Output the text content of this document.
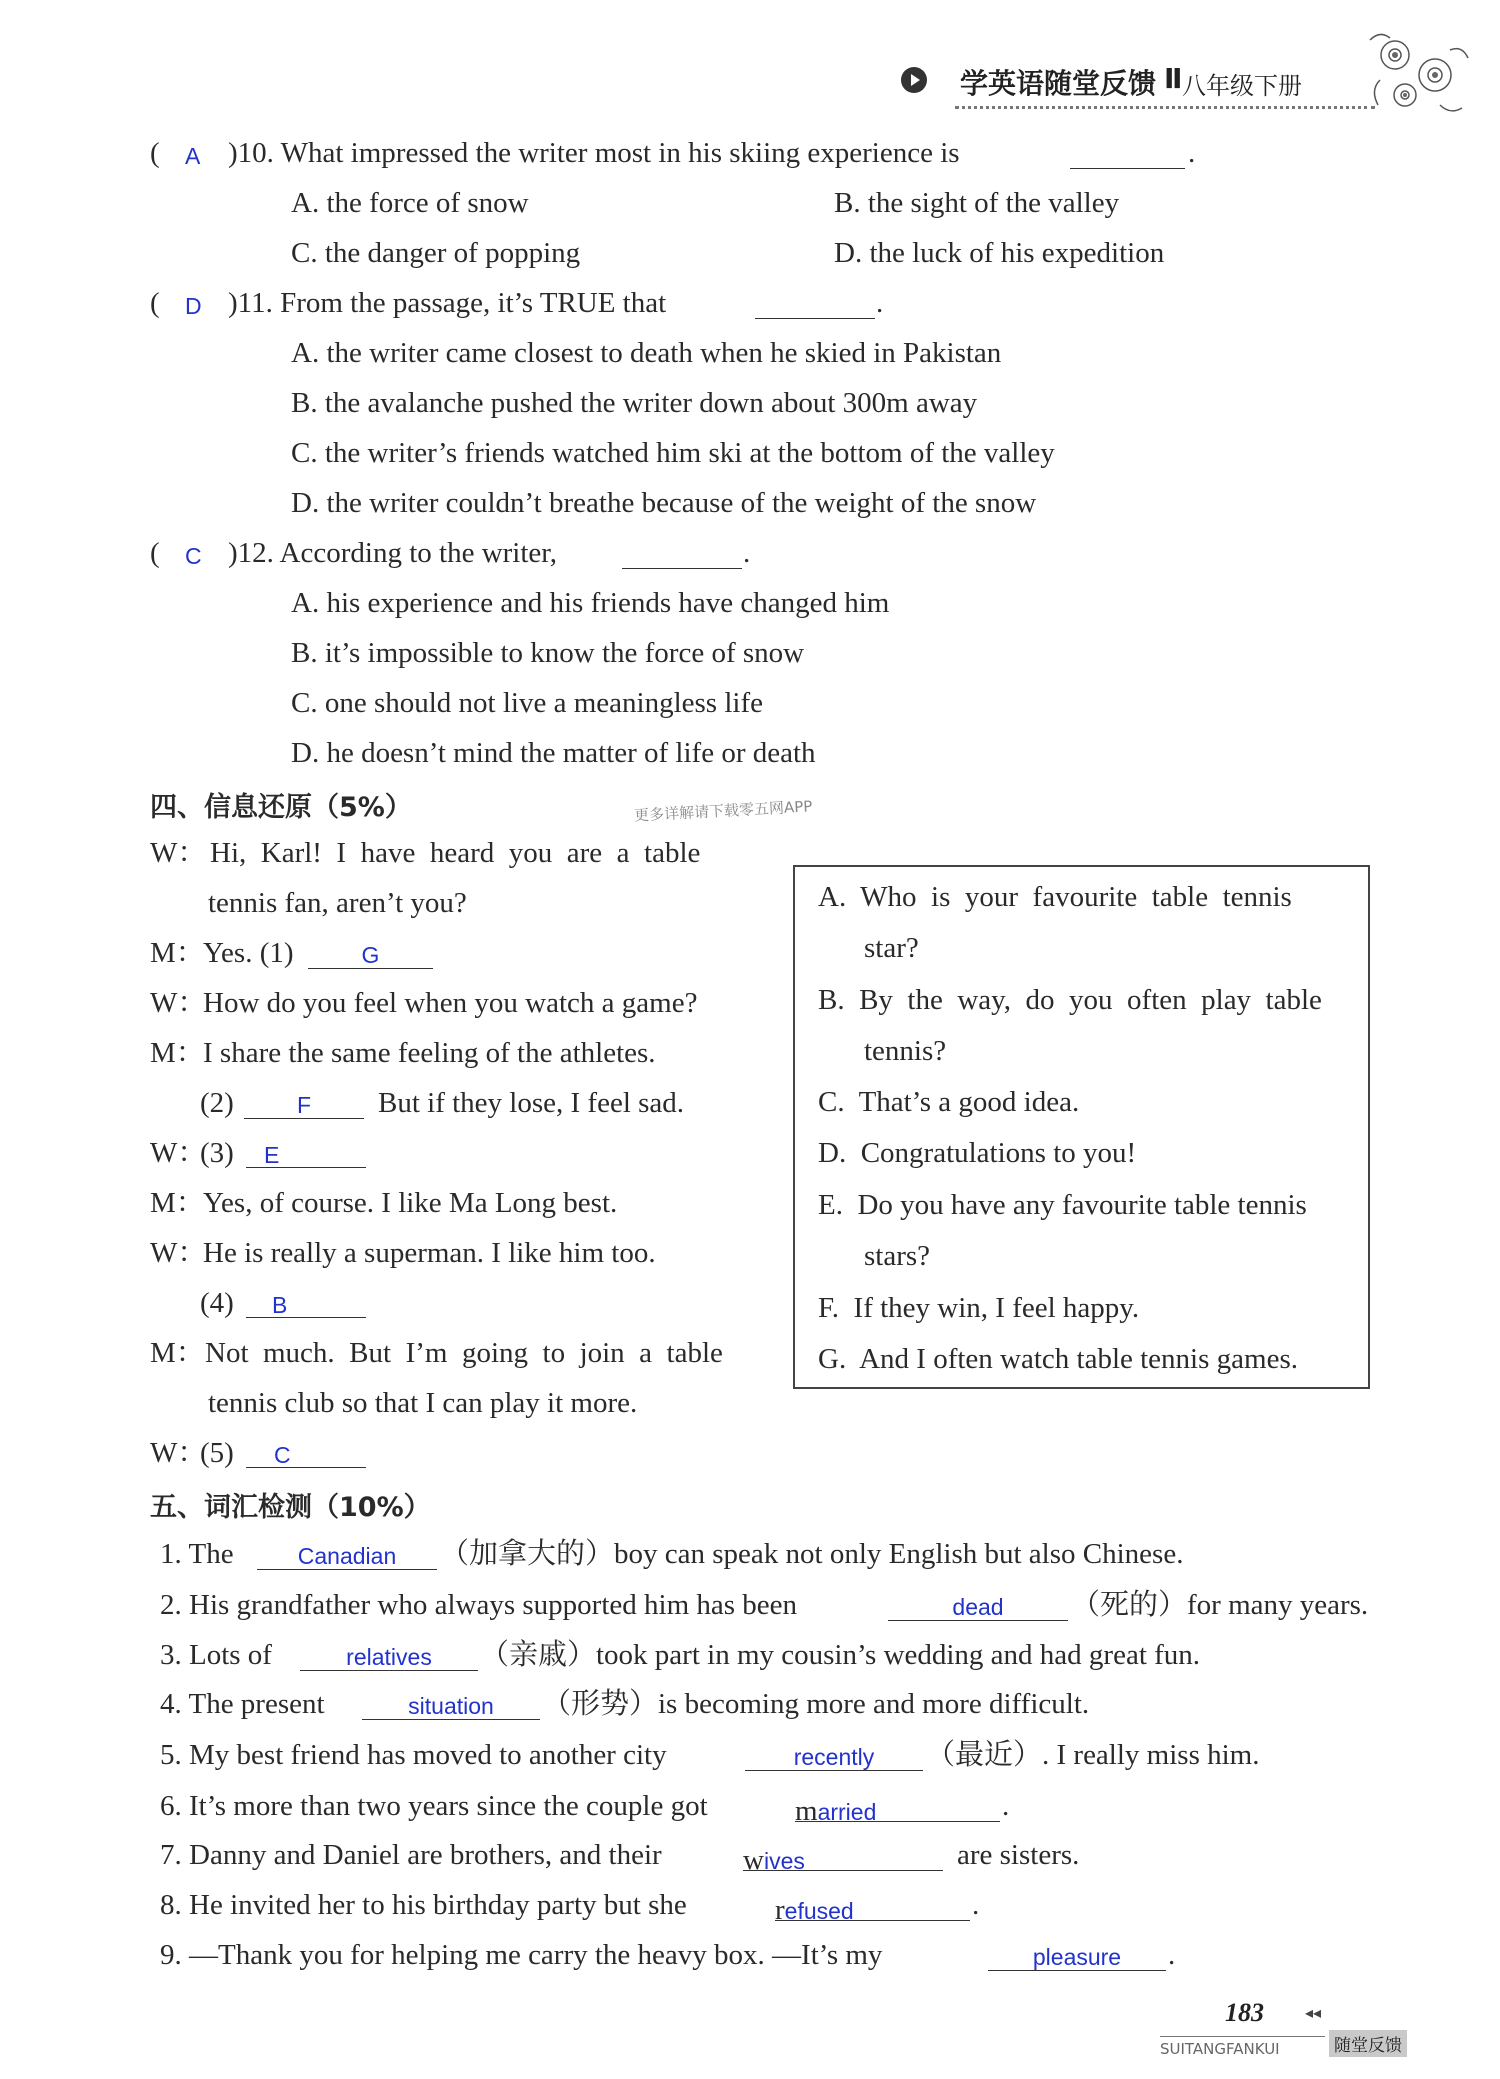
学英语随堂反馈 Ⅱ 八年级下册
( A )10. What impressed the writer most in his skiing experience is	.
A. the force of snow	B. the sight of the valley
C. the danger of popping	D. the luck of his expedition
( D )11. From the passage, it’s TRUE that	.
A. the writer came closest to death when he skied in Pakistan
B. the avalanche pushed the writer down about 300m away
C. the writer’s friends watched him ski at the bottom of the valley
D. the writer couldn’t breathe because of the weight of the snow
( C )12. According to the writer,	.
A. his experience and his friends have changed him
B. it’s impossible to know the force of snow
C. one should not live a meaningless life
D. he doesn’t mind the matter of life or death
四、信息还原（5%）	更多详解请下载零五网APP
W： Hi,  Karl!  I  have  heard  you  are  a  table
tennis fan, aren’t you?
M：
Yes. (1)	G
W：
How do you feel when you watch a game?
M：
I share the same feeling of the athletes.
(2)	F	But if they lose, I feel sad.
W：
(3)	E
M：
Yes, of course. I like Ma Long best.
W：
He is really a superman. I like him too.
(4)	B
M： Not  much.  But  I’m  going  to  join  a  table
tennis club so that I can play it more.
W：
(5)	C
A.  Who  is  your  favourite  table  tennis
star?
B.  By  the  way,  do  you  often  play  table
tennis?
C.  That’s a good idea.
D.  Congratulations to you!
E.  Do you have any favourite table tennis
stars?
F.  If they win, I feel happy.
G.  And I often watch table tennis games.
五、词汇检测（10%）
1. The	Canadian	（加拿大的）boy can speak not only English but also Chinese.
2. His grandfather who always supported him has been	dead	（死的）for many years.
3. Lots of	relatives	（亲戚）took part in my cousin’s wedding and had great fun.
4. The present	situation	（形势）is becoming more and more difficult.
5. My best friend has moved to another city	recently	（最近）. I really miss him.
6. It’s more than two years since the couple got	married	.
7. Danny and Daniel are brothers, and their	wives	are sisters.
8. He invited her to his birthday party but she	refused	.
9. —Thank you for helping me carry the heavy box. —It’s my	pleasure	.
183	◂◂
SUITANGFANKUI	随堂反馈
